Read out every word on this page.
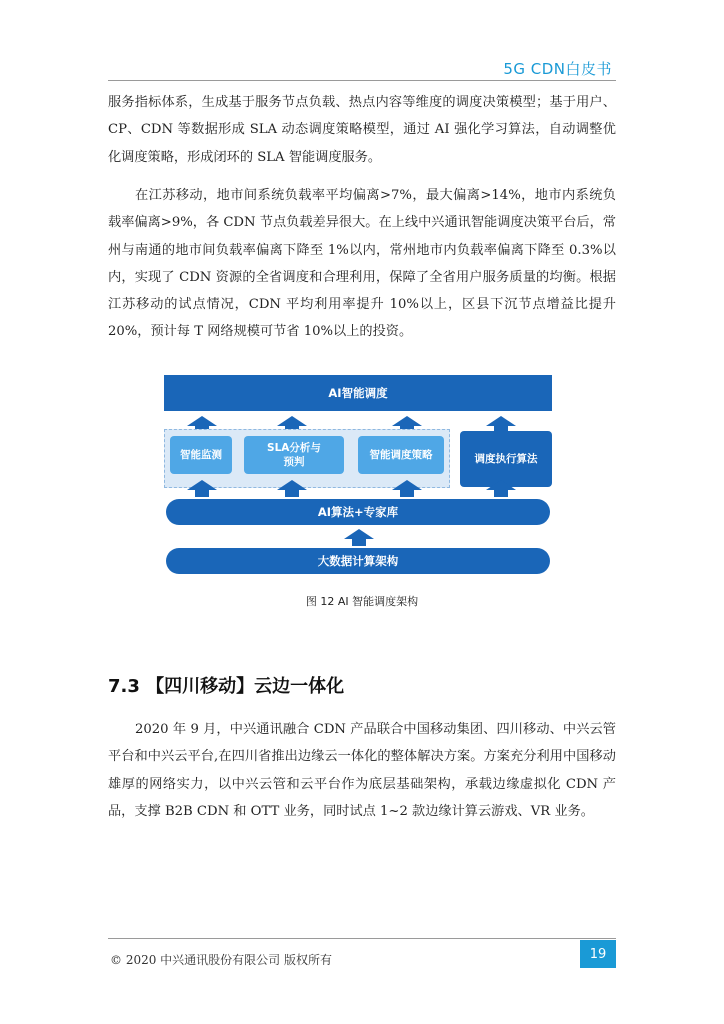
5G CDN白皮书

服务指标体系，生成基于服务节点负载、热点内容等维度的调度决策模型；基于用户、CP、CDN 等数据形成 SLA 动态调度策略模型，通过 AI 强化学习算法，自动调整优化调度策略，形成闭环的 SLA 智能调度服务。

在江苏移动，地市间系统负载率平均偏离>7%，最大偏离>14%，地市内系统负载率偏离>9%，各 CDN 节点负载差异很大。在上线中兴通讯智能调度决策平台后，常州与南通的地市间负载率偏离下降至 1%以内，常州地市内负载率偏离下降至 0.3%以内，实现了 CDN 资源的全省调度和合理利用，保障了全省用户服务质量的均衡。根据江苏移动的试点情况，CDN 平均利用率提升 10%以上，区县下沉节点增益比提升 20%，预计每 T 网络规模可节省 10%以上的投资。

AI智能调度
智能监测
SLA分析与预判
智能调度策略	调度执行算法
AI算法+专家库
大数据计算架构
图 12 AI 智能调度架构
7.3 【四川移动】云边一体化

2020 年 9 月，中兴通讯融合 CDN 产品联合中国移动集团、四川移动、中兴云管平台和中兴云平台,在四川省推出边缘云一体化的整体解决方案。方案充分利用中国移动雄厚的网络实力，以中兴云管和云平台作为底层基础架构，承载边缘虚拟化 CDN 产品，支撑 B2B CDN 和 OTT 业务，同时试点 1~2 款边缘计算云游戏、VR 业务。

© 2020 中兴通讯股份有限公司 版权所有	19
